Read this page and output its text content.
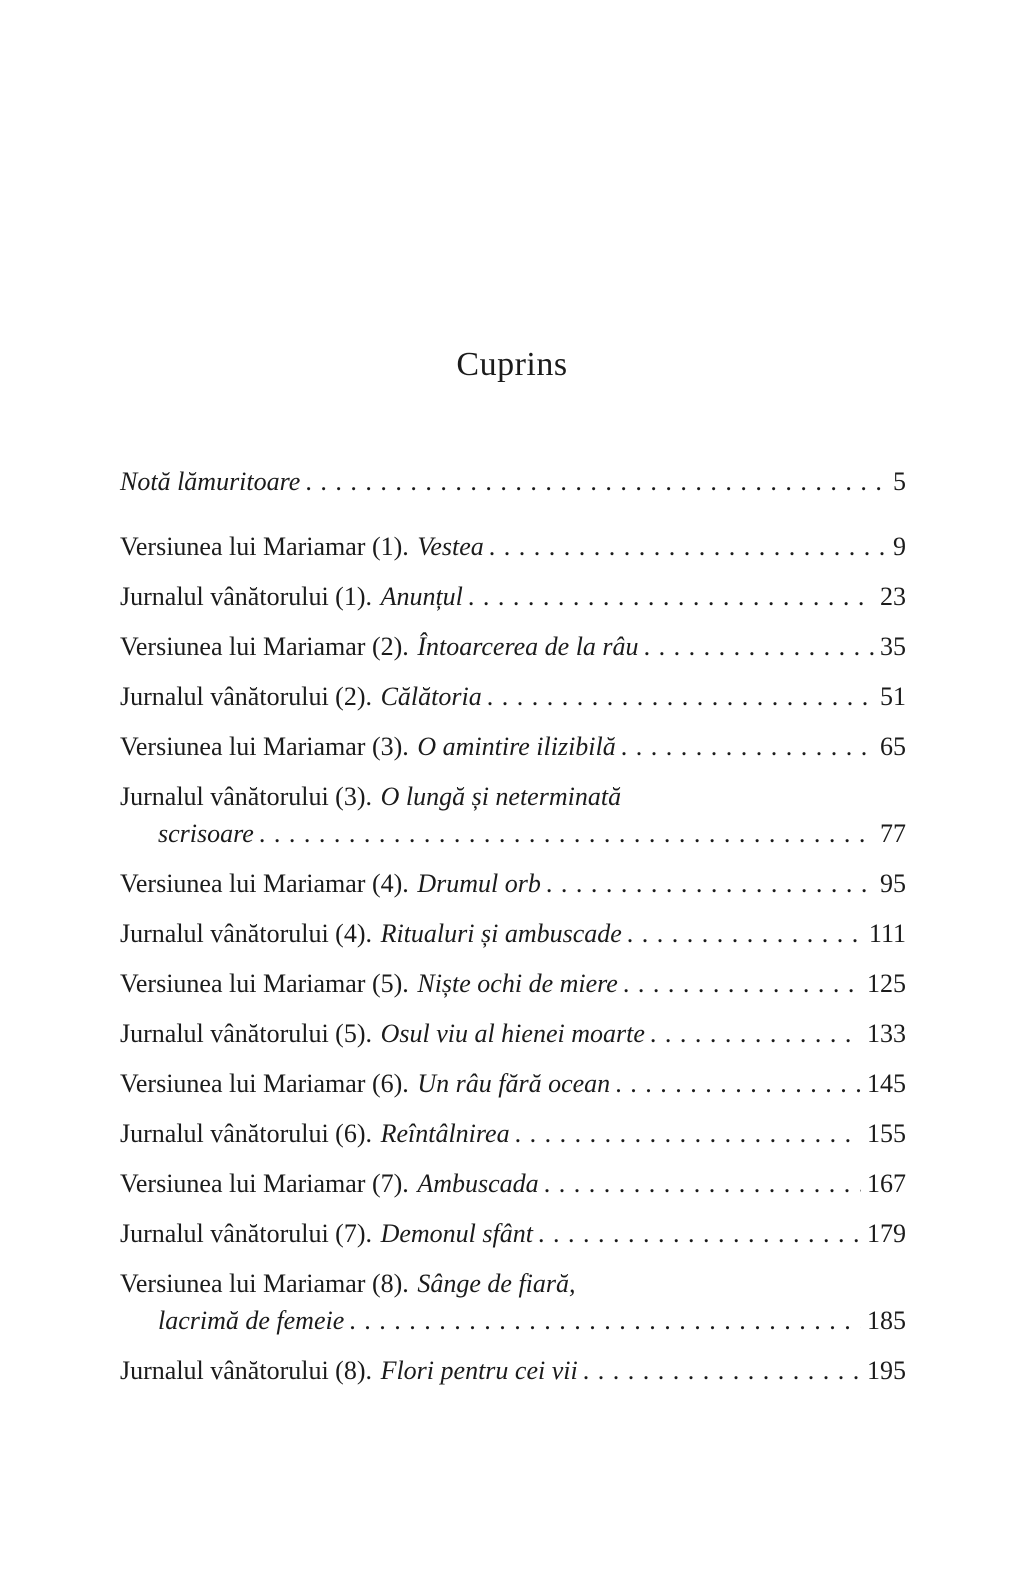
Cuprins
Notă lămuritoare . . .	5
Versiunea lui Mariamar (1). Vestea . . .	9
Jurnalul vânătorului (1). Anunțul . . .	23
Versiunea lui Mariamar (2). Întoarcerea de la râu . . .	35
Jurnalul vânătorului (2). Călătoria . . .	51
Versiunea lui Mariamar (3). O amintire ilizibilă . . .	65
Jurnalul vânătorului (3). O lungă și neterminată
scrisoare . . .	77
Versiunea lui Mariamar (4). Drumul orb . . .	95
Jurnalul vânătorului (4). Ritualuri și ambuscade . . .	111
Versiunea lui Mariamar (5). Niște ochi de miere . . .	125
Jurnalul vânătorului (5). Osul viu al hienei moarte . . .	133
Versiunea lui Mariamar (6). Un râu fără ocean . . .	145
Jurnalul vânătorului (6). Reîntâlnirea . . .	155
Versiunea lui Mariamar (7). Ambuscada . . .	167
Jurnalul vânătorului (7). Demonul sfânt . . .	179
Versiunea lui Mariamar (8). Sânge de fiară,
lacrimă de femeie . . .	185
Jurnalul vânătorului (8). Flori pentru cei vii . . .	195
